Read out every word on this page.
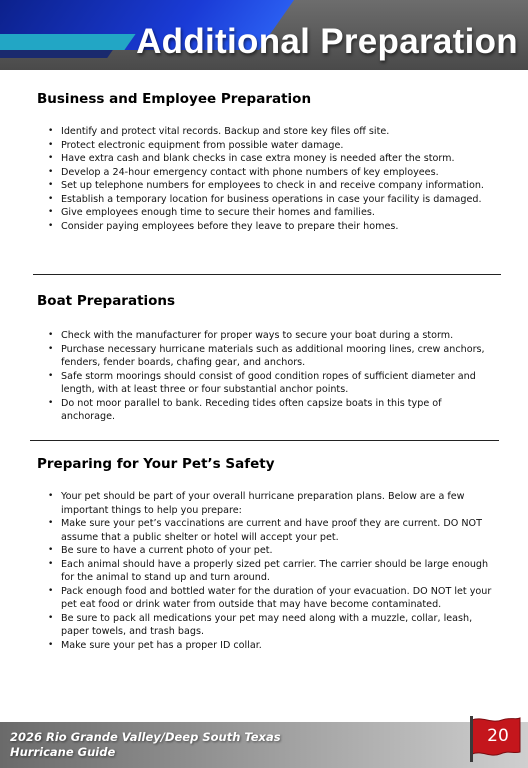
Additional Preparation
Business and Employee Preparation
• Identify and protect vital records. Backup and store key files off site.
• Protect electronic equipment from possible water damage.
• Have extra cash and blank checks in case extra money is needed after the storm.
• Develop a 24-hour emergency contact with phone numbers of key employees.
• Set up telephone numbers for employees to check in and receive company information.
• Establish a temporary location for business operations in case your facility is damaged.
• Give employees enough time to secure their homes and families.
• Consider paying employees before they leave to prepare their homes.
Boat Preparations
• Check with the manufacturer for proper ways to secure your boat during a storm.
• Purchase necessary hurricane materials such as additional mooring lines, crew anchors, fenders, fender boards, chafing gear, and anchors.
• Safe storm moorings should consist of good condition ropes of sufficient diameter and length, with at least three or four substantial anchor points.
• Do not moor parallel to bank. Receding tides often capsize boats in this type of anchorage.
Preparing for Your Pet’s Safety
• Your pet should be part of your overall hurricane preparation plans. Below are a few important things to help you prepare:
• Make sure your pet’s vaccinations are current and have proof they are current. DO NOT assume that a public shelter or hotel will accept your pet.
• Be sure to have a current photo of your pet.
• Each animal should have a properly sized pet carrier. The carrier should be large enough for the animal to stand up and turn around.
• Pack enough food and bottled water for the duration of your evacuation. DO NOT let your pet eat food or drink water from outside that may have become contaminated.
• Be sure to pack all medications your pet may need along with a muzzle, collar, leash, paper towels, and trash bags.
• Make sure your pet has a proper ID collar.
2026 Rio Grande Valley/Deep South Texas
Hurricane Guide
20
